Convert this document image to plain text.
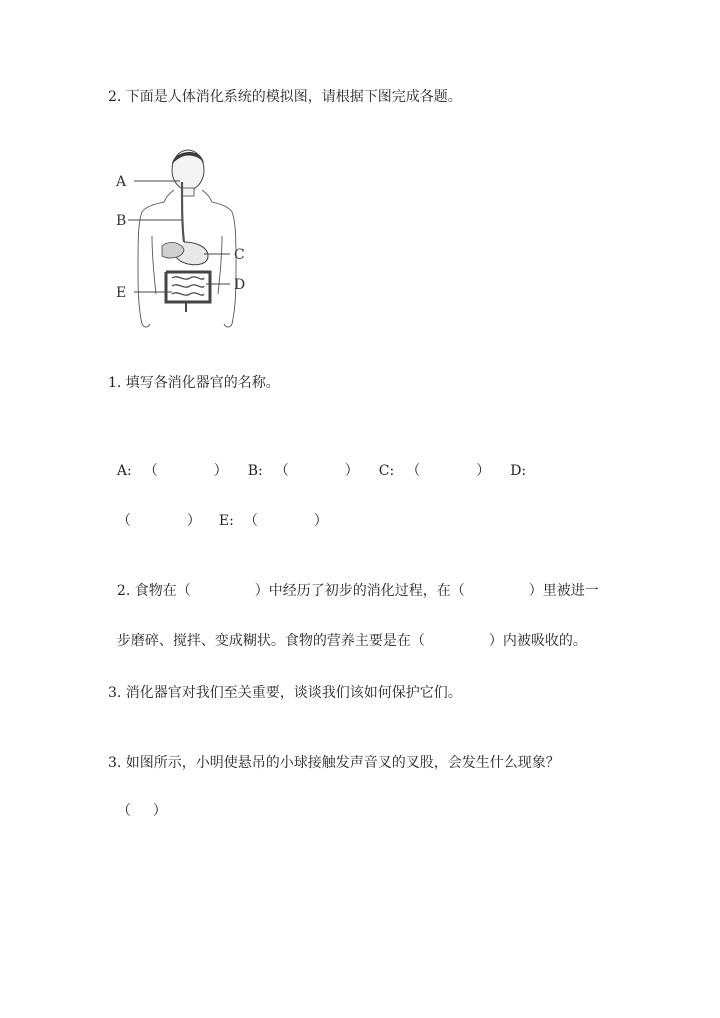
2. 下面是人体消化系统的模拟图，请根据下图完成各题。
A
B
C
D
E
1. 填写各消化器官的名称。

A: （	） B: （	） C: （	） D:

（	） E: （	）

2. 食物在（	）中经历了初步的消化过程，在（	）里被进一

步磨碎、搅拌、变成糊状。食物的营养主要是在（	）内被吸收的。

3. 消化器官对我们至关重要，谈谈我们该如何保护它们。
3. 如图所示，小明使悬吊的小球接触发声音叉的叉股，会发生什么现象？

（ ）
